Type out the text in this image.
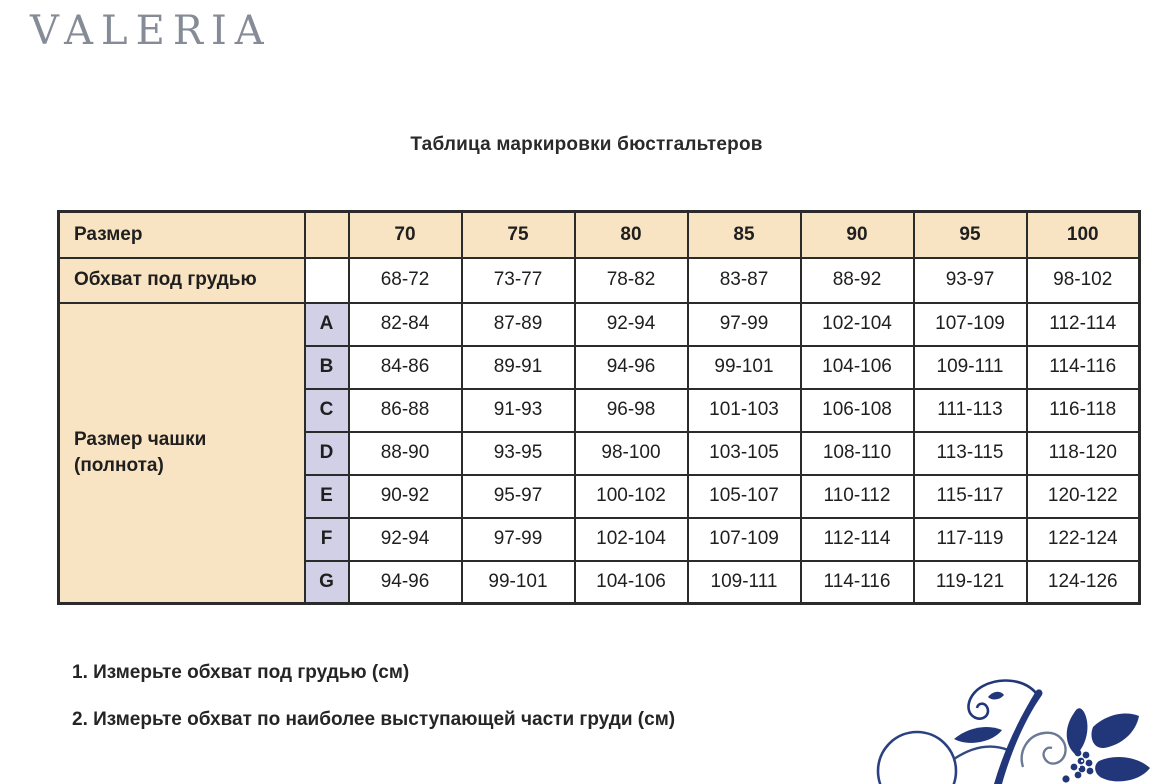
VALERIA
Таблица маркировки бюстгальтеров
Размер		70	75	80	85	90	95	100
Обхват под грудью		68-72	73-77	78-82	83-87	88-92	93-97	98-102
Размер чашки
(полнота)	A	82-84	87-89	92-94	97-99	102-104	107-109	112-114
	B	84-86	89-91	94-96	99-101	104-106	109-111	114-116
	C	86-88	91-93	96-98	101-103	106-108	111-113	116-118
	D	88-90	93-95	98-100	103-105	108-110	113-115	118-120
	E	90-92	95-97	100-102	105-107	110-112	115-117	120-122
	F	92-94	97-99	102-104	107-109	112-114	117-119	122-124
	G	94-96	99-101	104-106	109-111	114-116	119-121	124-126
1. Измерьте обхват под грудью (см)
2. Измерьте обхват по наиболее выступающей части груди (см)
